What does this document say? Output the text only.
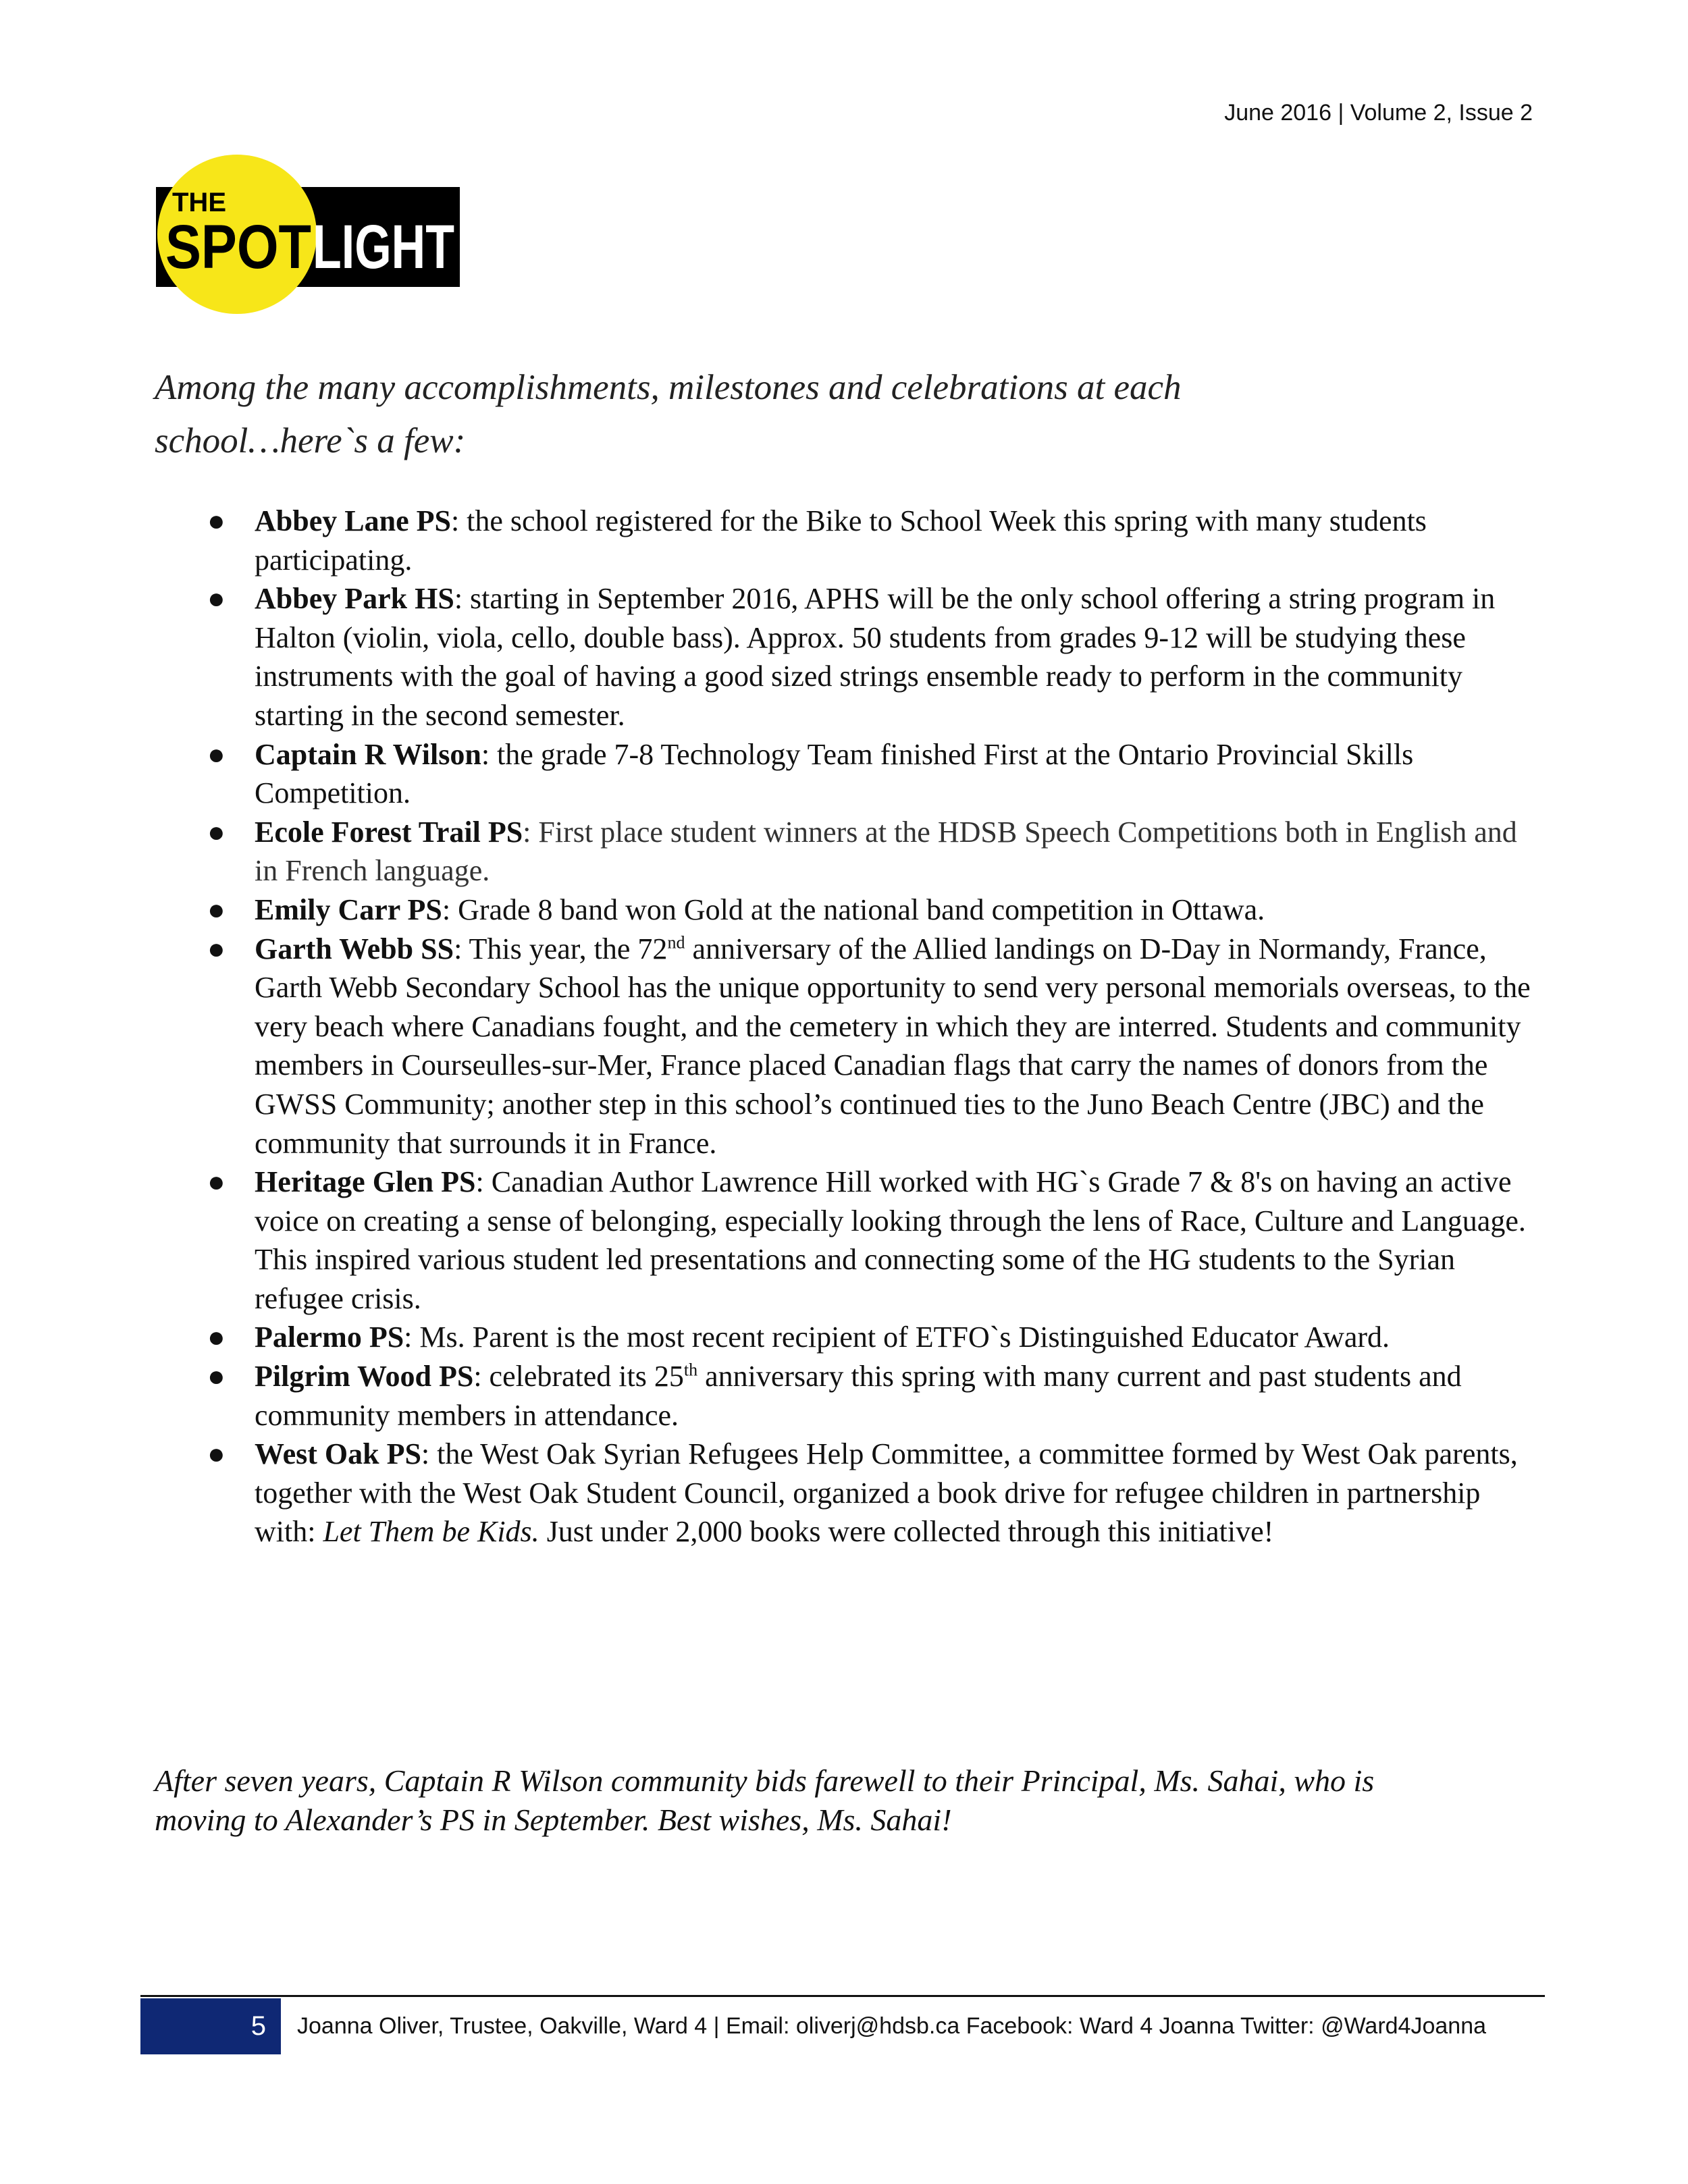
June 2016 | Volume 2, Issue 2
THE
SPOT LIGHT

Among the many accomplishments, milestones and celebrations at each

school…here`s a few:

● Abbey Lane PS: the school registered for the Bike to School Week this spring with many students participating.
● Abbey Park HS: starting in September 2016, APHS will be the only school offering a string program in Halton (violin, viola, cello, double bass). Approx. 50 students from grades 9-12 will be studying these instruments with the goal of having a good sized strings ensemble ready to perform in the community starting in the second semester.
● Captain R Wilson: the grade 7-8 Technology Team finished First at the Ontario Provincial Skills Competition.
● Ecole Forest Trail PS: First place student winners at the HDSB Speech Competitions both in English and in French language.
● Emily Carr PS: Grade 8 band won Gold at the national band competition in Ottawa.
● Garth Webb SS: This year, the 72nd anniversary of the Allied landings on D-Day in Normandy, France, Garth Webb Secondary School has the unique opportunity to send very personal memorials overseas, to the very beach where Canadians fought, and the cemetery in which they are interred. Students and community members in Courseulles-sur-Mer, France placed Canadian flags that carry the names of donors from the GWSS Community; another step in this school’s continued ties to the Juno Beach Centre (JBC) and the community that surrounds it in France.
● Heritage Glen PS: Canadian Author Lawrence Hill worked with HG`s Grade 7 & 8's on having an active voice on creating a sense of belonging, especially looking through the lens of Race, Culture and Language. This inspired various student led presentations and connecting some of the HG students to the Syrian refugee crisis.
● Palermo PS: Ms. Parent is the most recent recipient of ETFO`s Distinguished Educator Award.
● Pilgrim Wood PS: celebrated its 25th anniversary this spring with many current and past students and community members in attendance.
● West Oak PS: the West Oak Syrian Refugees Help Committee, a committee formed by West Oak parents, together with the West Oak Student Council, organized a book drive for refugee children in partnership with: Let Them be Kids. Just under 2,000 books were collected through this initiative!

After seven years, Captain R Wilson community bids farewell to their Principal, Ms. Sahai, who is

moving to Alexander’s PS in September. Best wishes, Ms. Sahai!

5	Joanna Oliver, Trustee, Oakville, Ward 4 | Email: oliverj@hdsb.ca Facebook: Ward 4 Joanna Twitter: @Ward4Joanna
